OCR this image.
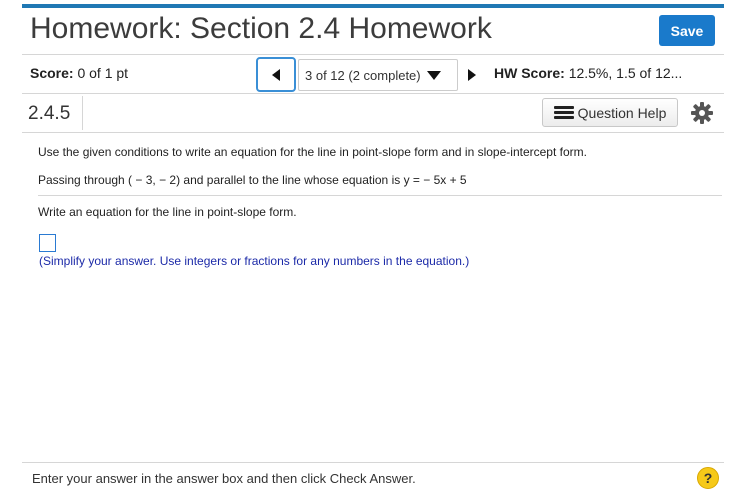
Homework: Section 2.4 Homework	Save
Score: 0 of 1 pt	3 of 12 (2 complete)	HW Score: 12.5%, 1.5 of 12...
2.4.5	Question Help
Use the given conditions to write an equation for the line in point-slope form and in slope-intercept form.
Passing through ( − 3, − 2) and parallel to the line whose equation is y = − 5x + 5
Write an equation for the line in point-slope form.
(Simplify your answer. Use integers or fractions for any numbers in the equation.)
Enter your answer in the answer box and then click Check Answer.	?
